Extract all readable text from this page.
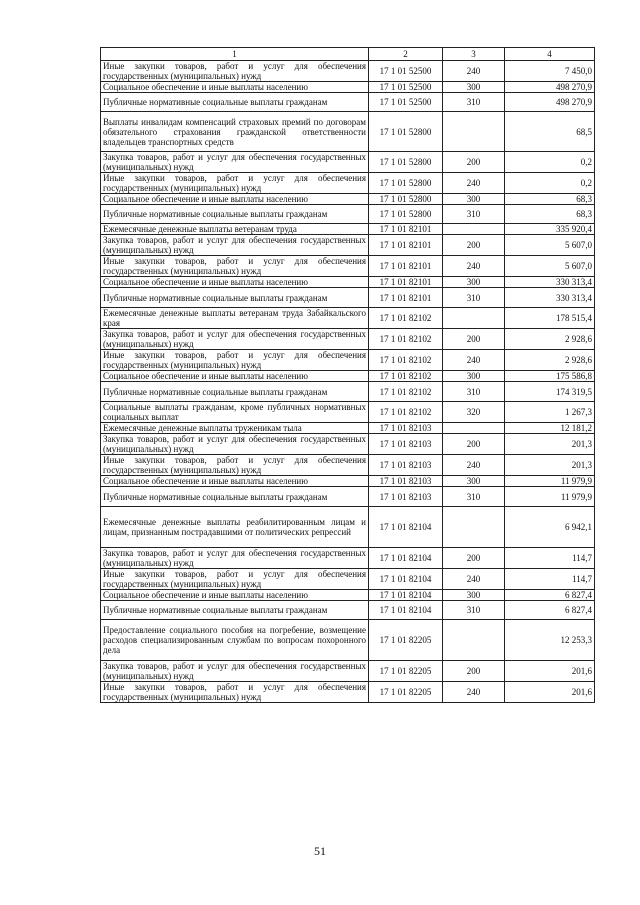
1	2	3	4
Иные закупки товаров, работ и услуг для обеспечения государственных (муниципальных) нужд	17 1 01 52500	240	7 450,0
Социальное обеспечение и иные выплаты населению	17 1 01 52500	300	498 270,9
Публичные нормативные социальные выплаты гражданам	17 1 01 52500	310	498 270,9
Выплаты инвалидам компенсаций страховых премий по договорам обязательного страхования гражданской ответственности владельцев транспортных средств	17 1 01 52800		68,5
Закупка товаров, работ и услуг для обеспечения государственных (муниципальных) нужд	17 1 01 52800	200	0,2
Иные закупки товаров, работ и услуг для обеспечения государственных (муниципальных) нужд	17 1 01 52800	240	0,2
Социальное обеспечение и иные выплаты населению	17 1 01 52800	300	68,3
Публичные нормативные социальные выплаты гражданам	17 1 01 52800	310	68,3
Ежемесячные денежные выплаты ветеранам труда	17 1 01 82101		335 920,4
Закупка товаров, работ и услуг для обеспечения государственных (муниципальных) нужд	17 1 01 82101	200	5 607,0
Иные закупки товаров, работ и услуг для обеспечения государственных (муниципальных) нужд	17 1 01 82101	240	5 607,0
Социальное обеспечение и иные выплаты населению	17 1 01 82101	300	330 313,4
Публичные нормативные социальные выплаты гражданам	17 1 01 82101	310	330 313,4
Ежемесячные денежные выплаты ветеранам труда Забайкальского края	17 1 01 82102		178 515,4
Закупка товаров, работ и услуг для обеспечения государственных (муниципальных) нужд	17 1 01 82102	200	2 928,6
Иные закупки товаров, работ и услуг для обеспечения государственных (муниципальных) нужд	17 1 01 82102	240	2 928,6
Социальное обеспечение и иные выплаты населению	17 1 01 82102	300	175 586,8
Публичные нормативные социальные выплаты гражданам	17 1 01 82102	310	174 319,5
Социальные выплаты гражданам, кроме публичных нормативных социальных выплат	17 1 01 82102	320	1 267,3
Ежемесячные денежные выплаты труженикам тыла	17 1 01 82103		12 181,2
Закупка товаров, работ и услуг для обеспечения государственных (муниципальных) нужд	17 1 01 82103	200	201,3
Иные закупки товаров, работ и услуг для обеспечения государственных (муниципальных) нужд	17 1 01 82103	240	201,3
Социальное обеспечение и иные выплаты населению	17 1 01 82103	300	11 979,9
Публичные нормативные социальные выплаты гражданам	17 1 01 82103	310	11 979,9
Ежемесячные денежные выплаты реабилитированным лицам и лицам, признанным пострадавшими от политических репрессий	17 1 01 82104		6 942,1
Закупка товаров, работ и услуг для обеспечения государственных (муниципальных) нужд	17 1 01 82104	200	114,7
Иные закупки товаров, работ и услуг для обеспечения государственных (муниципальных) нужд	17 1 01 82104	240	114,7
Социальное обеспечение и иные выплаты населению	17 1 01 82104	300	6 827,4
Публичные нормативные социальные выплаты гражданам	17 1 01 82104	310	6 827,4
Предоставление социального пособия на погребение, возмещение расходов специализированным службам по вопросам похоронного дела	17 1 01 82205		12 253,3
Закупка товаров, работ и услуг для обеспечения государственных (муниципальных) нужд	17 1 01 82205	200	201,6
Иные закупки товаров, работ и услуг для обеспечения государственных (муниципальных) нужд	17 1 01 82205	240	201,6
51
